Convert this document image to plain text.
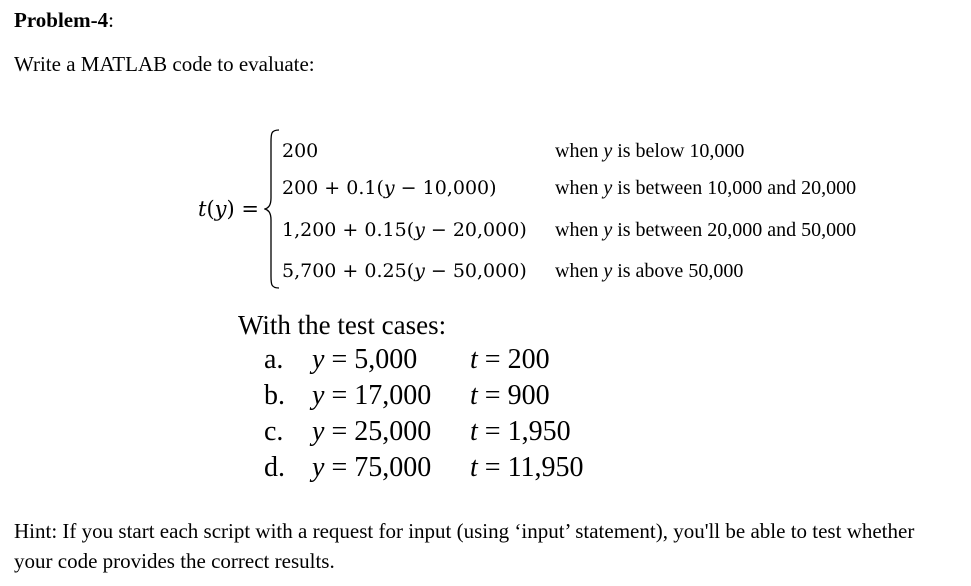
Problem-4:
Write a MATLAB code to evaluate:
t(y) =
200
200 + 0.1(y − 10,000)
1,200 + 0.15(y − 20,000)
5,700 + 0.25(y − 50,000)
when y is below 10,000
when y is between 10,000 and 20,000
when y is between 20,000 and 50,000
when y is above 50,000
With the test cases:
a. y = 5,000 t = 200
b. y = 17,000 t = 900
c. y = 25,000 t = 1,950
d. y = 75,000 t = 11,950
Hint: If you start each script with a request for input (using ‘input’ statement), you'll be able to test whether your code provides the correct results.
